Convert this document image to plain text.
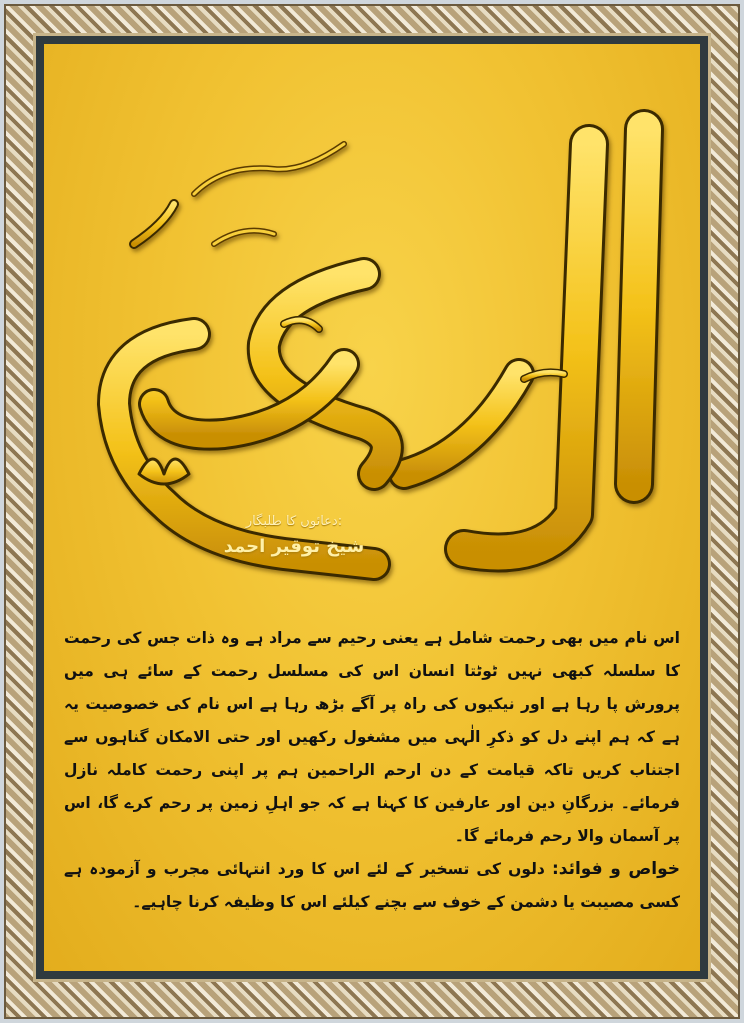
دعائوں کا طلبگار:
شیخ توقیر احمد

اس نام میں بھی رحمت شامل ہے یعنی رحیم سے مراد ہے وہ ذات جس کی رحمت کا سلسلہ کبھی نہیں ٹوٹتا انسان اس کی مسلسل رحمت کے سائے ہی میں پرورش پا رہا ہے اور نیکیوں کی راہ پر آگے بڑھ رہا ہے اس نام کی خصوصیت یہ ہے کہ ہم اپنے دل کو ذکرِ الٰہی میں مشغول رکھیں اور حتی الامکان گناہوں سے اجتناب کریں تاکہ قیامت کے دن ارحم الراحمین ہم پر اپنی رحمت کاملہ نازل فرمائے۔ بزرگانِ دین اور عارفین کا کہنا ہے کہ جو اہلِ زمین پر رحم کرے گا، اس پر آسمان والا رحم فرمائے گا۔

خواص و فوائد: دلوں کی تسخیر کے لئے اس کا ورد انتہائی مجرب و آزمودہ ہے کسی مصیبت یا دشمن کے خوف سے بچنے کیلئے اس کا وظیفہ کرنا چاہیے۔
